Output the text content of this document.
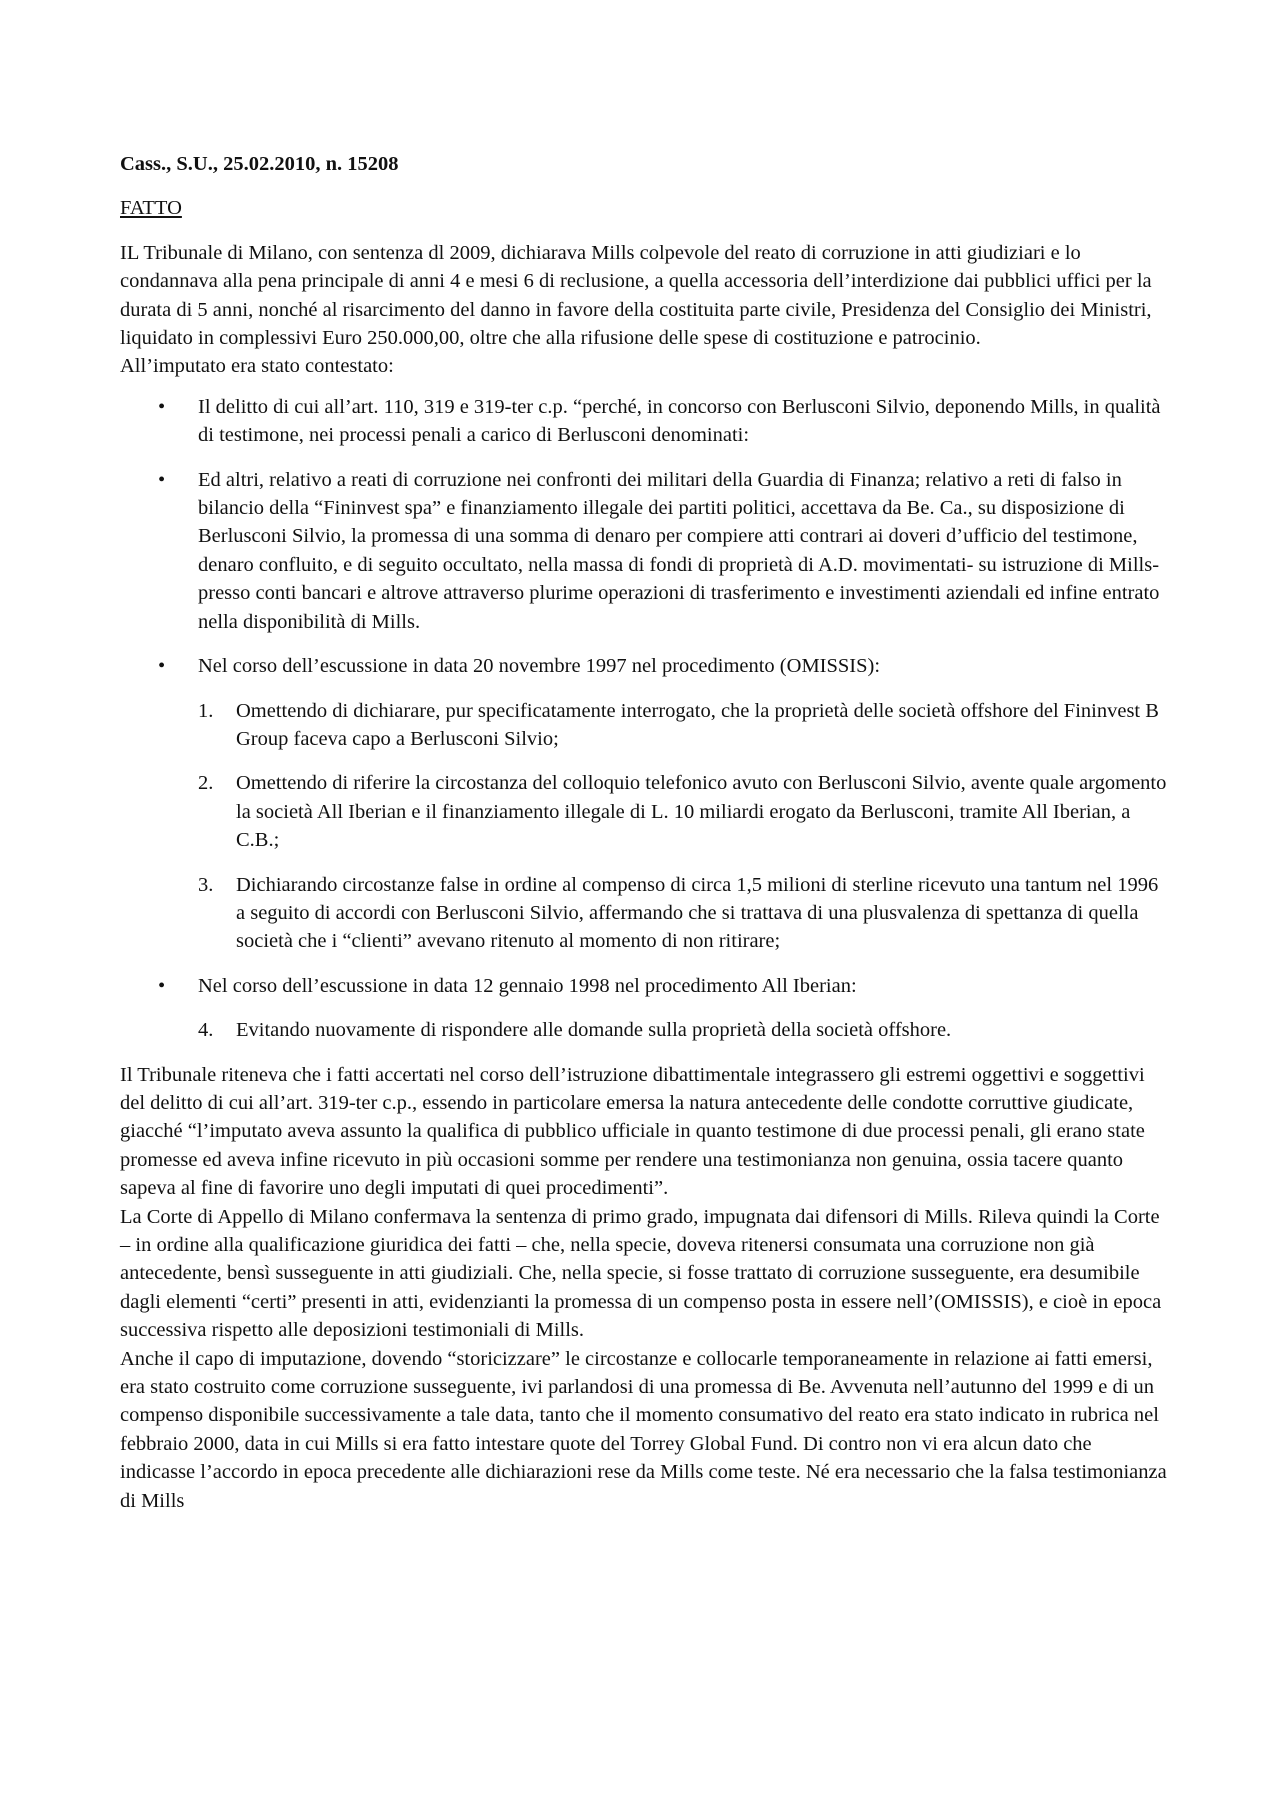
Cass., S.U., 25.02.2010, n. 15208

FATTO

IL Tribunale di Milano, con sentenza dl 2009, dichiarava Mills colpevole del reato di corruzione in atti giudiziari e lo condannava alla pena principale di anni 4 e mesi 6 di reclusione, a quella accessoria dell’interdizione dai pubblici uffici per la durata di 5 anni, nonché al risarcimento del danno in favore della costituita parte civile, Presidenza del Consiglio dei Ministri, liquidato in complessivi Euro 250.000,00, oltre che alla rifusione delle spese di costituzione e patrocinio.

All’imputato era stato contestato:

• Il delitto di cui all’art. 110, 319 e 319-ter c.p. “perché, in concorso con Berlusconi Silvio, deponendo Mills, in qualità di testimone, nei processi penali a carico di Berlusconi denominati:
• Ed altri, relativo a reati di corruzione nei confronti dei militari della Guardia di Finanza; relativo a reti di falso in bilancio della “Fininvest spa” e finanziamento illegale dei partiti politici, accettava da Be. Ca., su disposizione di Berlusconi Silvio, la promessa di una somma di denaro per compiere atti contrari ai doveri d’ufficio del testimone, denaro confluito, e di seguito occultato, nella massa di fondi di proprietà di A.D. movimentati- su istruzione di Mills- presso conti bancari e altrove attraverso plurime operazioni di trasferimento e investimenti aziendali ed infine entrato nella disponibilità di Mills.
• Nel corso dell’escussione in data 20 novembre 1997 nel procedimento (OMISSIS):
1. Omettendo di dichiarare, pur specificatamente interrogato, che la proprietà delle società offshore del Fininvest B Group faceva capo a Berlusconi Silvio;
2. Omettendo di riferire la circostanza del colloquio telefonico avuto con Berlusconi Silvio, avente quale argomento la società All Iberian e il finanziamento illegale di L. 10 miliardi erogato da Berlusconi, tramite All Iberian, a C.B.;
3. Dichiarando circostanze false in ordine al compenso di circa 1,5 milioni di sterline ricevuto una tantum nel 1996 a seguito di accordi con Berlusconi Silvio, affermando che si trattava di una plusvalenza di spettanza di quella società che i “clienti” avevano ritenuto al momento di non ritirare;
• Nel corso dell’escussione in data 12 gennaio 1998 nel procedimento All Iberian:
4. Evitando nuovamente di rispondere alle domande sulla proprietà della società offshore.

Il Tribunale riteneva che i fatti accertati nel corso dell’istruzione dibattimentale integrassero gli estremi oggettivi e soggettivi del delitto di cui all’art. 319-ter c.p., essendo in particolare emersa la natura antecedente delle condotte corruttive giudicate, giacché “l’imputato aveva assunto la qualifica di pubblico ufficiale in quanto testimone di due processi penali, gli erano state promesse ed aveva infine ricevuto in più occasioni somme per rendere una testimonianza non genuina, ossia tacere quanto sapeva al fine di favorire uno degli imputati di quei procedimenti”.

La Corte di Appello di Milano confermava la sentenza di primo grado, impugnata dai difensori di Mills. Rileva quindi la Corte – in ordine alla qualificazione giuridica dei fatti – che, nella specie, doveva ritenersi consumata una corruzione non già antecedente, bensì susseguente in atti giudiziali. Che, nella specie, si fosse trattato di corruzione susseguente, era desumibile dagli elementi “certi” presenti in atti, evidenzianti la promessa di un compenso posta in essere nell’(OMISSIS), e cioè in epoca successiva rispetto alle deposizioni testimoniali di Mills.

Anche il capo di imputazione, dovendo “storicizzare” le circostanze e collocarle temporaneamente in relazione ai fatti emersi, era stato costruito come corruzione susseguente, ivi parlandosi di una promessa di Be. Avvenuta nell’autunno del 1999 e di un compenso disponibile successivamente a tale data, tanto che il momento consumativo del reato era stato indicato in rubrica nel febbraio 2000, data in cui Mills si era fatto intestare quote del Torrey Global Fund. Di contro non vi era alcun dato che indicasse l’accordo in epoca precedente alle dichiarazioni rese da Mills come teste. Né era necessario che la falsa testimonianza di Mills
